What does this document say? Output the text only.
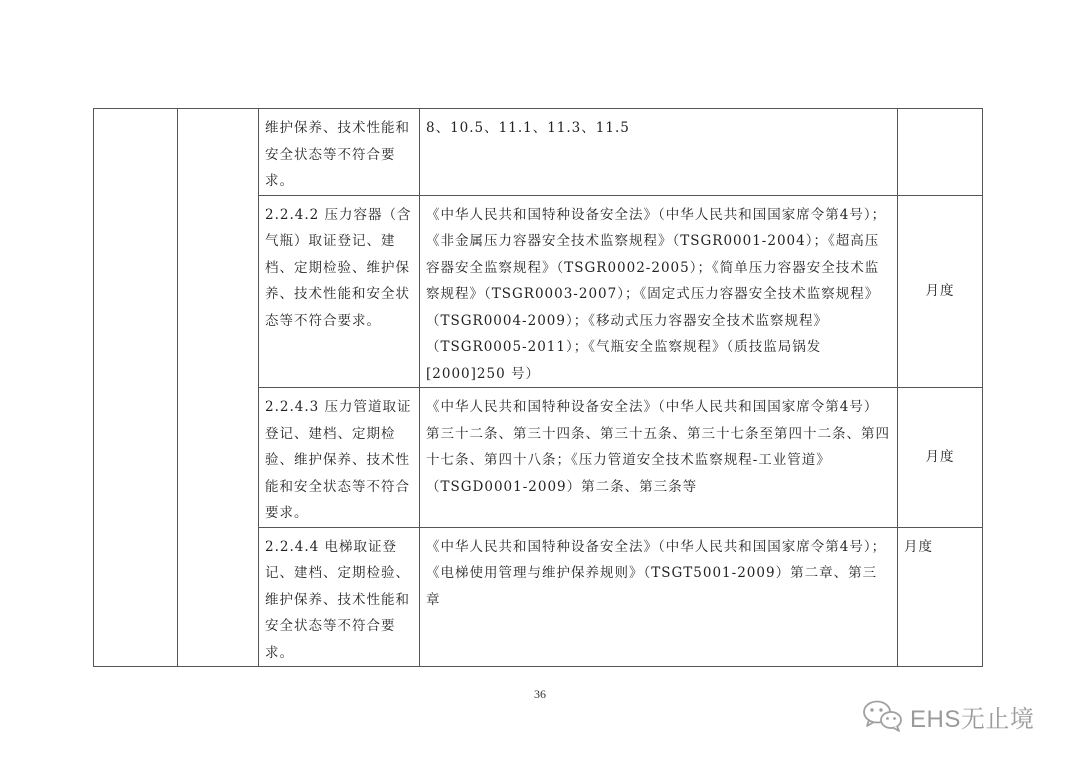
		维护保养、技术性能和安全状态等不符合要求。	8、10.5、11.1、11.3、11.5	
		2.2.4.2 压力容器（含气瓶）取证登记、建档、定期检验、维护保养、技术性能和安全状态等不符合要求。	《中华人民共和国特种设备安全法》（中华人民共和国国家席令第4号）；《非金属压力容器安全技术监察规程》（TSGR0001-2004）；《超高压容器安全监察规程》（TSGR0002-2005）；《简单压力容器安全技术监察规程》（TSGR0003-2007）；《固定式压力容器安全技术监察规程》（TSGR0004-2009）；《移动式压力容器安全技术监察规程》（TSGR0005-2011）；《气瓶安全监察规程》（质技监局锅发[2000]250 号）	月度
		2.2.4.3 压力管道取证登记、建档、定期检验、维护保养、技术性能和安全状态等不符合要求。	《中华人民共和国特种设备安全法》（中华人民共和国国家席令第4号）第三十二条、第三十四条、第三十五条、第三十七条至第四十二条、第四十七条、第四十八条；《压力管道安全技术监察规程-工业管道》（TSGD0001-2009）第二条、第三条等	月度
		2.2.4.4 电梯取证登记、建档、定期检验、维护保养、技术性能和安全状态等不符合要求。	《中华人民共和国特种设备安全法》（中华人民共和国国家席令第4号）；《电梯使用管理与维护保养规则》（TSGT5001-2009）第二章、第三章	月度
36
EHS无止境
